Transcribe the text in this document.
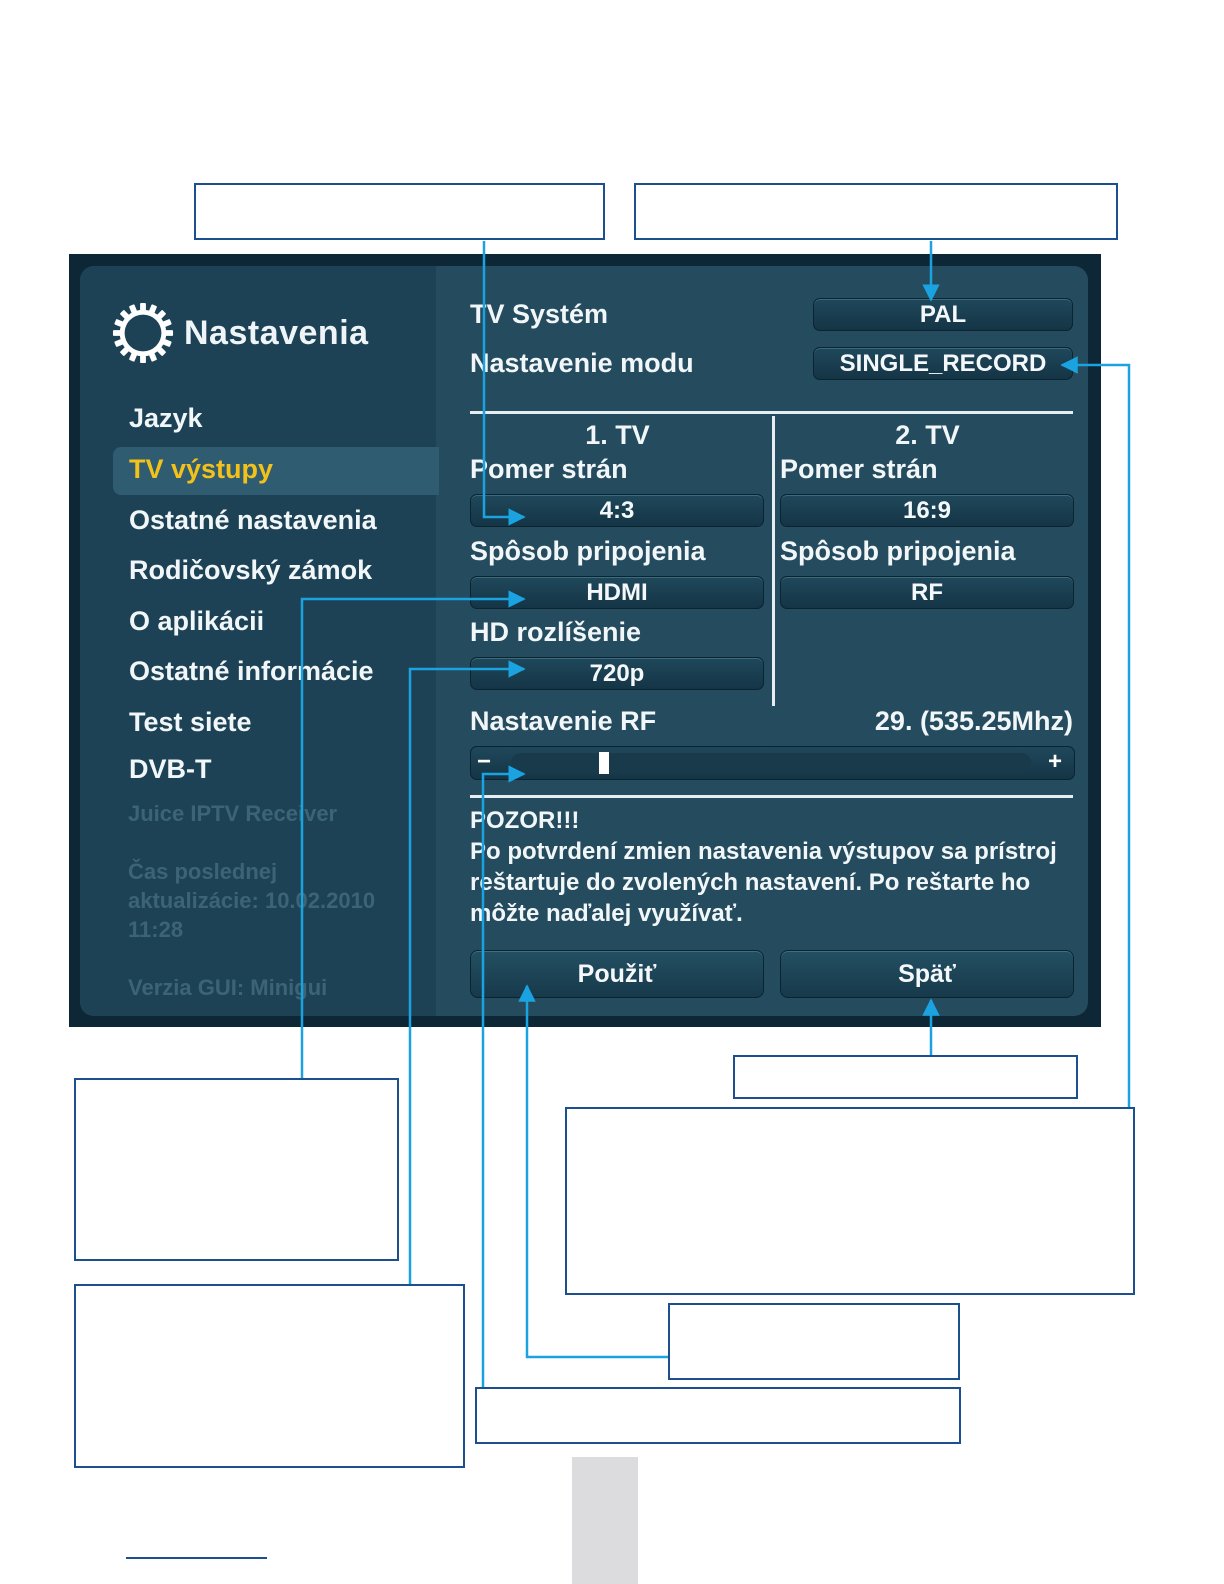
Nastavenia
Jazyk
TV výstupy
Ostatné nastavenia
Rodičovský zámok
O aplikácii
Ostatné informácie
Test siete
DVB-T
Juice IPTV Receiver
Čas poslednej
aktualizácie: 10.02.2010
11:28
Verzia GUI: Minigui
TV Systém	PAL
Nastavenie modu	SINGLE_RECORD
1. TV
Pomer strán
4:3
Spôsob pripojenia
HDMI
HD rozlíšenie
720p
2. TV
Pomer strán
16:9
Spôsob pripojenia
RF
Nastavenie RF	29. (535.25Mhz)
−	+
POZOR!!!
Po potvrdení zmien nastavenia výstupov sa prístroj reštartuje do zvolených nastavení. Po reštarte ho môžte naďalej využívať.
Použiť	Späť
